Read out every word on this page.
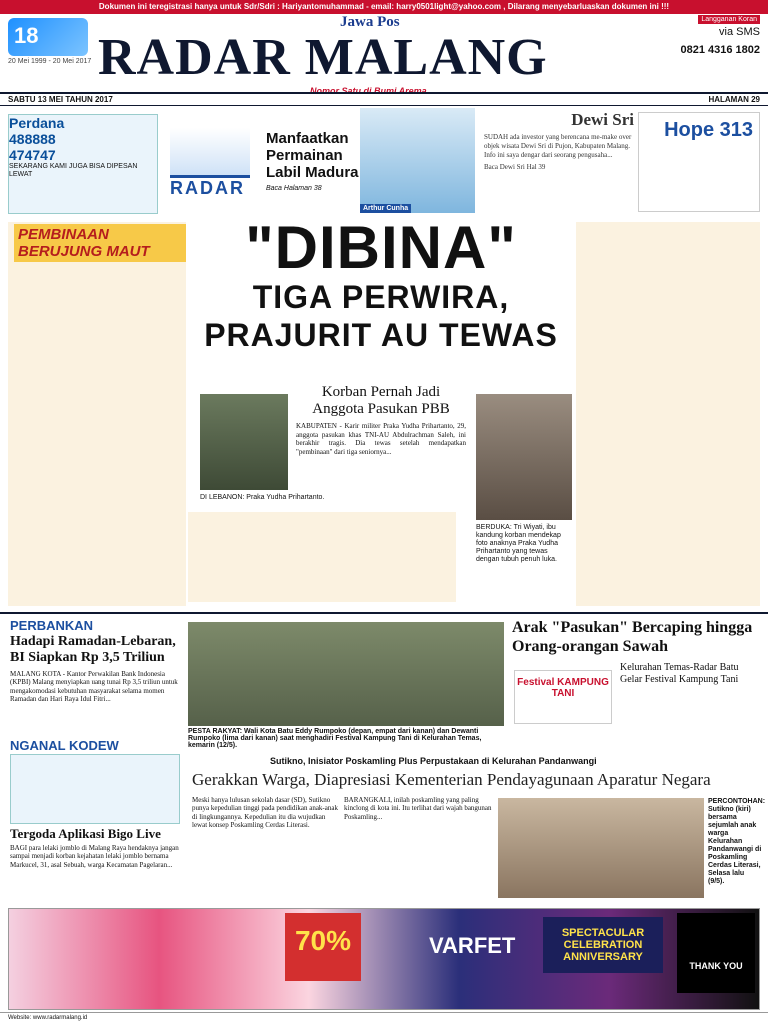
Dokumen ini teregistrasi hanya untuk Sdr/Sdri : Hariyantomuhammad - email: harry0501light@yahoo.com , Dilarang menyebarluaskan dokumen ini !!!
18
20 Mei 1999 - 20 Mei 2017
Jawa Pos
RADAR MALANG
Nomor Satu di Bumi Arema
Langganan Koran
via SMS
0821 4316 1802
SABTU 13 MEI TAHUN 2017	HALAMAN 29
Perdana
488888
474747
SEKARANG KAMI JUGA BISA DIPESAN LEWAT
RADAR
Manfaatkan Permainan Labil Madura
Baca Halaman 38
Arthur Cunha
Dewi Sri

SUDAH ada investor yang berencana me-make over objek wisata Dewi Sri di Pujon, Kabupaten Malang. Info ini saya dengar dari seorang pengusaha...

Baca Dewi Sri Hal 39

Hope 313
PEMBINAAN BERUJUNG MAUT	"DIBINA"
TIGA PERWIRA,
PRAJURIT AU TEWAS
DI LEBANON: Praka Yudha Prihartanto.
Korban Pernah Jadi Anggota Pasukan PBB
KABUPATEN - Karir militer Praka Yudha Prihartanto, 29, anggota pasukan khas TNI-AU Abdulrachman Saleh, ini berakhir tragis. Dia tewas setelah mendapatkan "pembinaan" dari tiga seniornya...
BERDUKA: Tri Wiyati, ibu kandung korban mendekap foto anaknya Praka Yudha Prihartanto yang tewas dengan tubuh penuh luka.
PERBANKAN
Hadapi Ramadan-Lebaran, BI Siapkan Rp 3,5 Triliun
MALANG KOTA - Kantor Perwakilan Bank Indonesia (KPBI) Malang menyiapkan uang tunai Rp 3,5 triliun untuk mengakomodasi kebutuhan masyarakat selama momen Ramadan dan Hari Raya Idul Fitri...
PESTA RAKYAT: Wali Kota Batu Eddy Rumpoko (depan, empat dari kanan) dan Dewanti Rumpoko (lima dari kanan) saat menghadiri Festival Kampung Tani di Kelurahan Temas, kemarin (12/5).
Arak "Pasukan" Bercaping hingga Orang-orangan Sawah
Kelurahan Temas-Radar Batu Gelar Festival Kampung Tani
Festival KAMPUNG TANI
NGANAL KODEW
Tergoda Aplikasi Bigo Live
BAGI para lelaki jomblo di Malang Raya hendaknya jangan sampai menjadi korban kejahatan lelaki jomblo bernama Markucel, 31, asal Sebuah, warga Kecamatan Pagelaran...
Sutikno, Inisiator Poskamling Plus Perpustakaan di Kelurahan Pandanwangi
Gerakkan Warga, Diapresiasi Kementerian Pendayagunaan Aparatur Negara
Meski hanya lulusan sekolah dasar (SD), Sutikno punya kepedulian tinggi pada pendidikan anak-anak di lingkungannya. Kepedulian itu dia wujudkan lewat konsep Poskamling Cerdas Literasi.
BARANGKALI, inilah poskamling yang paling kinclong di kota ini. Itu terlihat dari wajah bangunan Poskamling...
PERCONTOHAN: Sutikno (kiri) bersama sejumlah anak warga Kelurahan Pandanwangi di Poskamling Cerdas Literasi, Selasa lalu (9/5).
70%	VARFET	SPECTACULAR CELEBRATION ANNIVERSARY
THANK YOU
Website: www.radarmalang.id
